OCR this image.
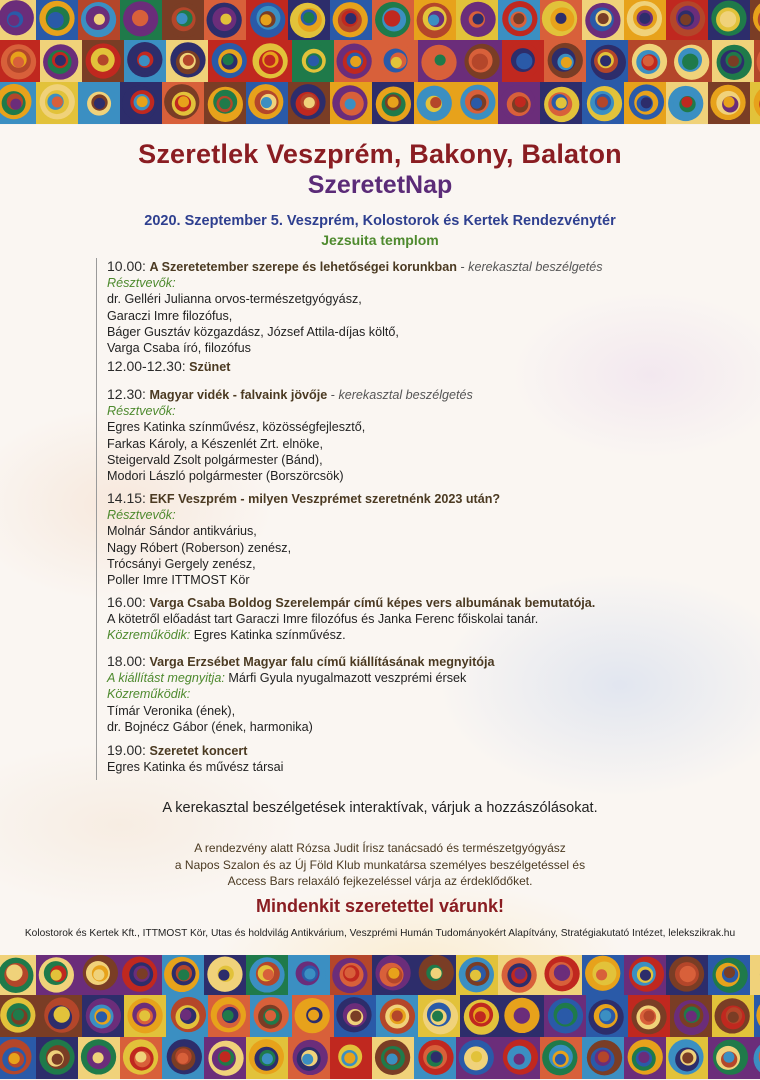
Szeretlek Veszprém, Bakony, Balaton
SzeretetNap
2020. Szeptember 5. Veszprém, Kolostorok és Kertek Rendezvénytér
Jezsuita templom
10.00: A Szeretetember szerepe és lehetőségei korunkban - kerekasztal beszélgetés
Résztvevők:
dr. Gelléri Julianna orvos-természetgyógyász,
Garaczi Imre filozófus,
Báger Gusztáv közgazdász, József Attila-díjas költő,
Varga Csaba író, filozófus
12.00-12.30: Szünet
12.30: Magyar vidék - falvaink jövője - kerekasztal beszélgetés
Résztvevők:
Egres Katinka színművész, közösségfejlesztő,
Farkas Károly, a Készenlét Zrt. elnöke,
Steigervald Zsolt polgármester (Bánd),
Modori László polgármester (Borszörcsök)
14.15: EKF Veszprém - milyen Veszprémet szeretnénk 2023 után?
Résztvevők:
Molnár Sándor antikvárius,
Nagy Róbert (Roberson) zenész,
Trócsányi Gergely zenész,
Poller Imre ITTMOST Kör
16.00: Varga Csaba Boldog Szerelempár című képes vers albumának bemutatója.
A kötetről előadást tart Garaczi Imre filozófus és Janka Ferenc főiskolai tanár.
Közreműködik: Egres Katinka színművész.
18.00: Varga Erzsébet Magyar falu című kiállításának megnyitója
A kiállítást megnyitja: Márfi Gyula nyugalmazott veszprémi érsek
Közreműködik:
Tímár Veronika (ének),
dr. Bojnécz Gábor (ének, harmonika)
19.00: Szeretet koncert
Egres Katinka és művész társai
A kerekasztal beszélgetések interaktívak, várjuk a hozzászólásokat.
A rendezvény alatt Rózsa Judit Írisz tanácsadó és természetgyógyász
a Napos Szalon és az Új Föld Klub munkatársa személyes beszélgetéssel és
Access Bars relaxáló fejkezeléssel várja az érdeklődőket.
Mindenkit szeretettel várunk!
Kolostorok és Kertek Kft., ITTMOST Kör, Utas és holdvilág Antikvárium, Veszprémi Humán Tudományokért Alapítvány, Stratégiakutató Intézet, lelekszikrak.hu
